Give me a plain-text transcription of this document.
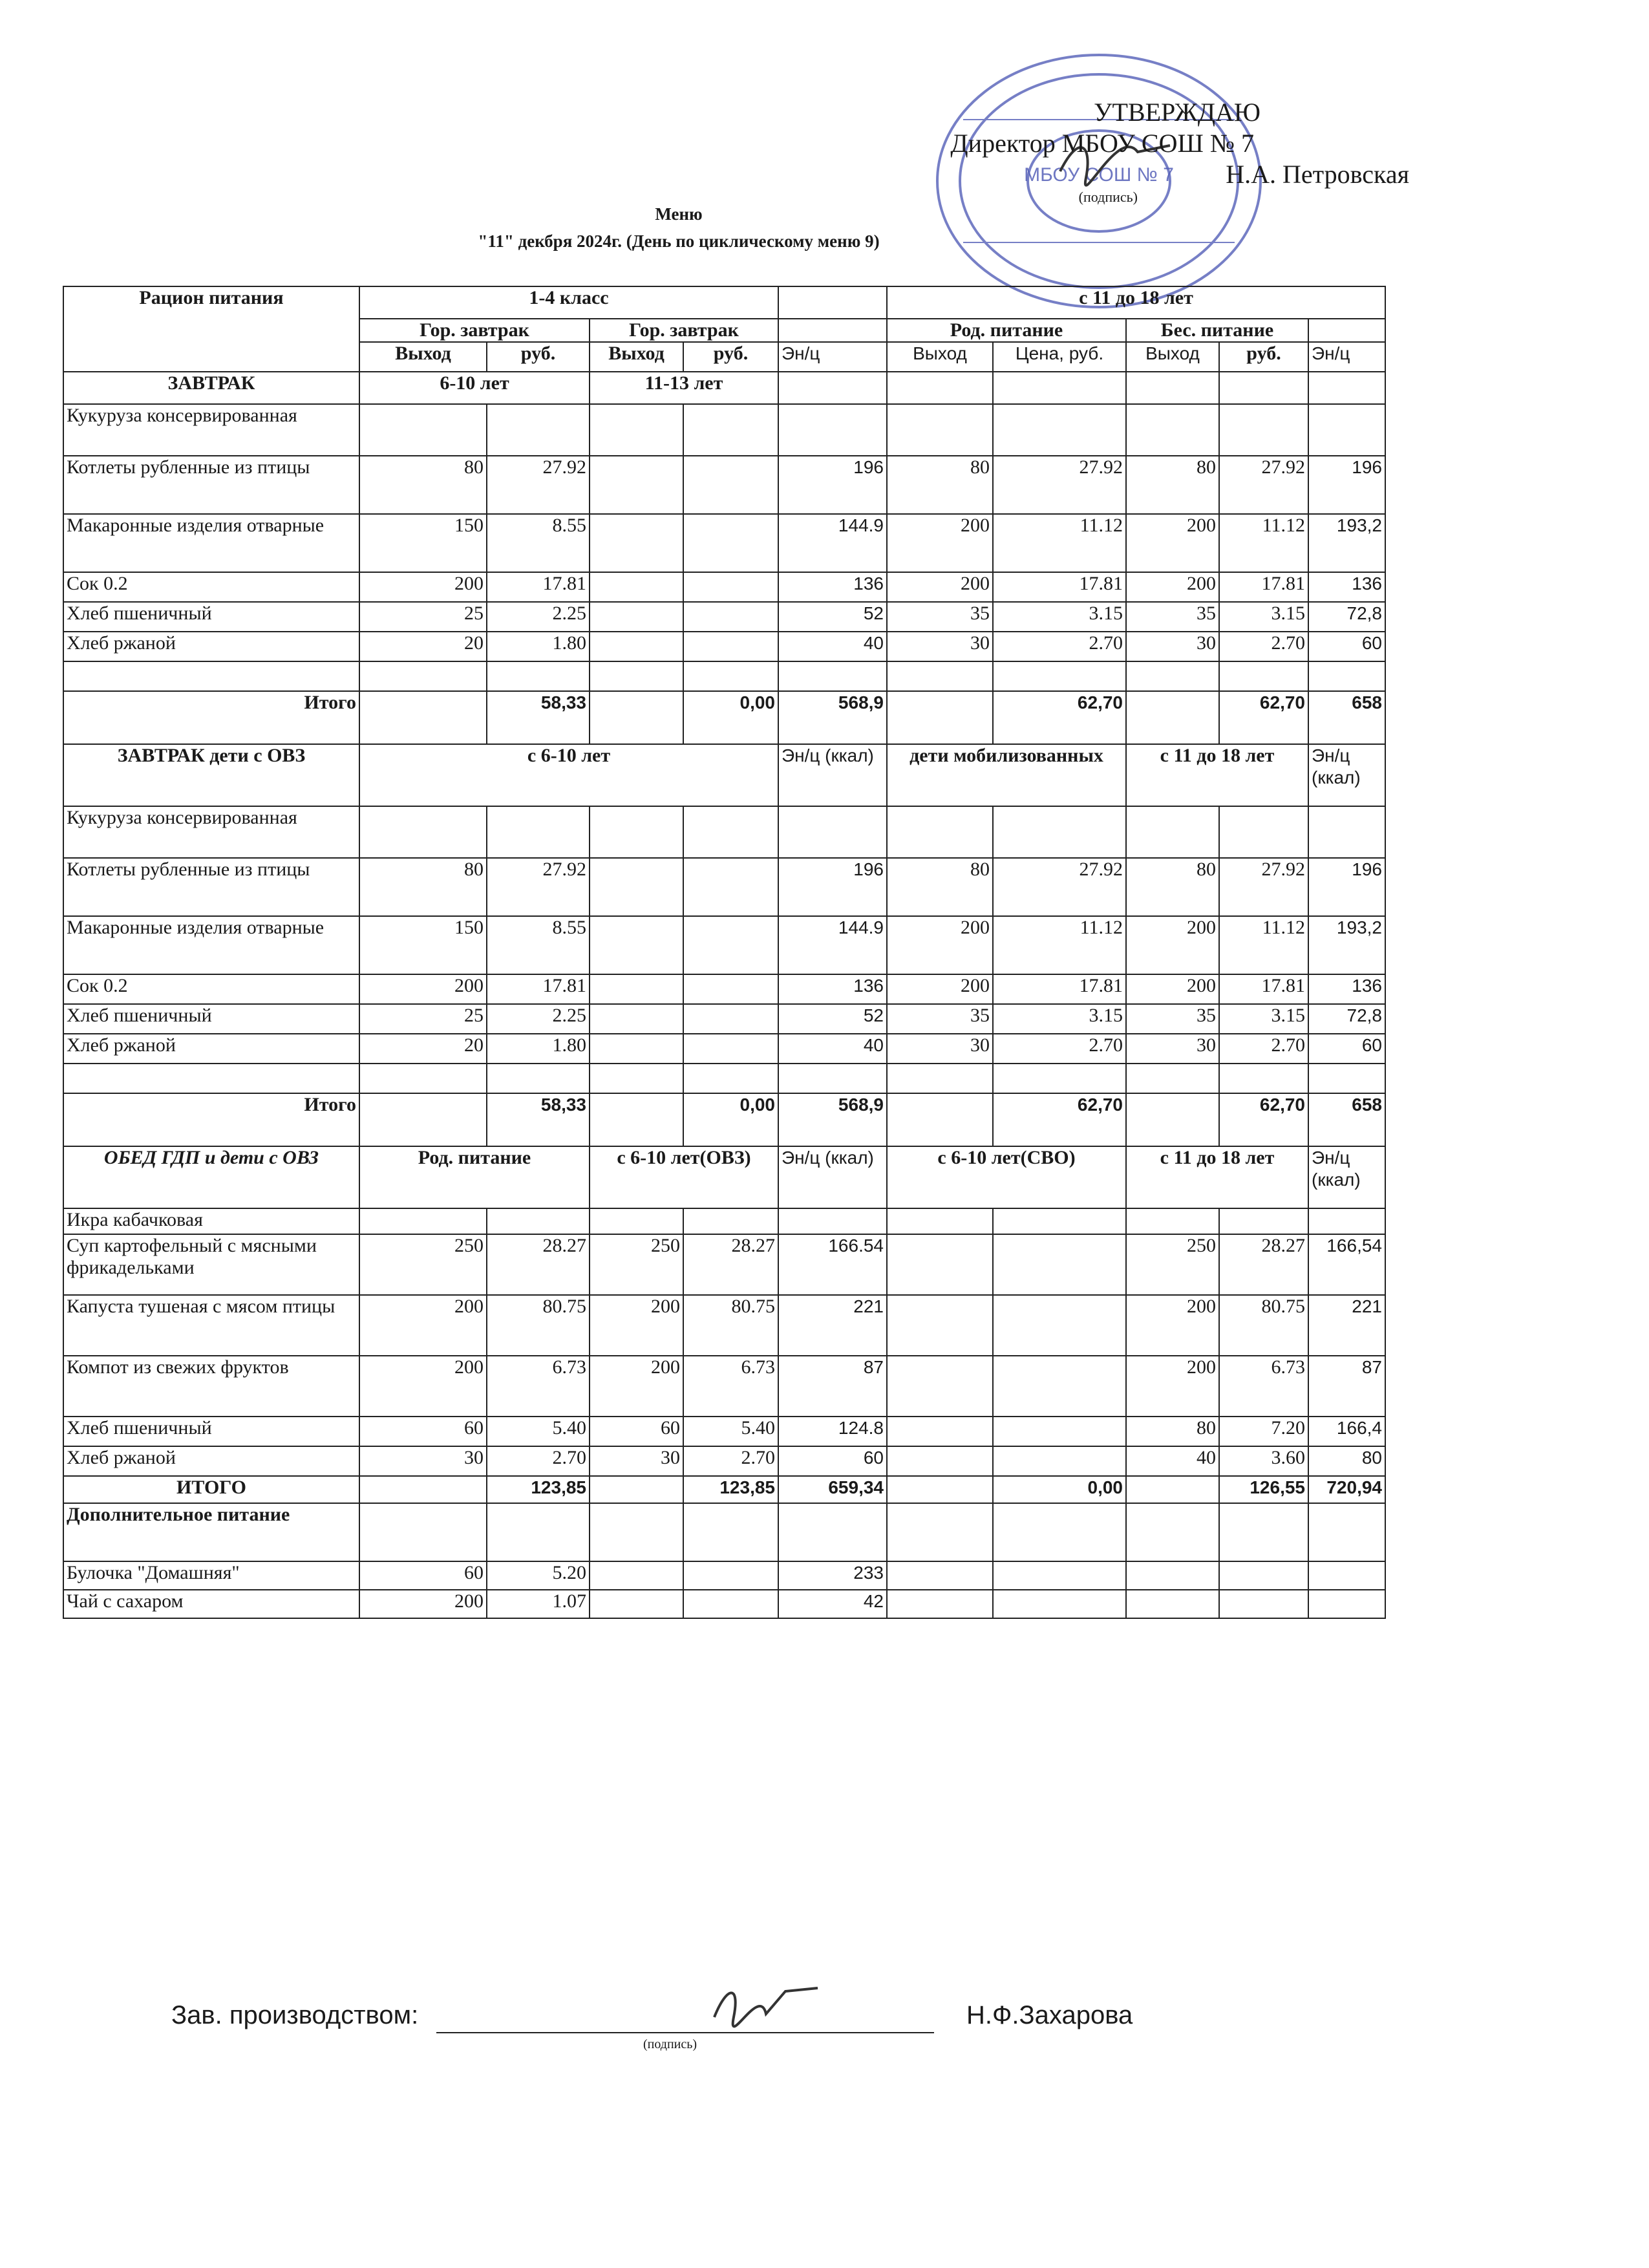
МБОУ СОШ № 7
УТВЕРЖДАЮ
Директор МБОУ СОШ № 7
Н.А. Петровская
(подпись)
Меню
"11" декбря 2024г. (День по циклическому меню 9)
Рацион питания	1-4 класс					с 11 до 18 лет				
	Гор. завтрак		Гор. завтрак			Род. питание		Бес. питание		
	Выход	руб.	Выход	руб.	Эн/ц	Выход	Цена, руб.	Выход	руб.	Эн/ц
ЗАВТРАК	6-10 лет		11-13 лет							
Кукуруза консервированная										
Котлеты рубленные из птицы	80	27.92			196	80	27.92	80	27.92	196
Макаронные изделия отварные	150	8.55			144.9	200	11.12	200	11.12	193,2
Сок 0.2	200	17.81			136	200	17.81	200	17.81	136
Хлеб пшеничный	25	2.25			52	35	3.15	35	3.15	72,8
Хлеб ржаной	20	1.80			40	30	2.70	30	2.70	60

Итого		58,33		0,00	568,9		62,70		62,70	658
ЗАВТРАК дети с ОВЗ	с 6-10 лет				Эн/ц (ккал)	дети мобилизованных		с 11 до 18 лет		Эн/ц (ккал)
Кукуруза консервированная										
Котлеты рубленные из птицы	80	27.92			196	80	27.92	80	27.92	196
Макаронные изделия отварные	150	8.55			144.9	200	11.12	200	11.12	193,2
Сок 0.2	200	17.81			136	200	17.81	200	17.81	136
Хлеб пшеничный	25	2.25			52	35	3.15	35	3.15	72,8
Хлеб ржаной	20	1.80			40	30	2.70	30	2.70	60

Итого		58,33		0,00	568,9		62,70		62,70	658
ОБЕД ГДП и дети с ОВЗ	Род. питание		с 6-10 лет(ОВЗ)		Эн/ц (ккал)	с 6-10 лет(СВО)		с 11 до 18 лет		Эн/ц (ккал)
Икра кабачковая										
Суп картофельный с мясными фрикадельками	250	28.27	250	28.27	166.54			250	28.27	166,54
Капуста тушеная с мясом птицы	200	80.75	200	80.75	221			200	80.75	221
Компот из свежих фруктов	200	6.73	200	6.73	87			200	6.73	87
Хлеб пшеничный	60	5.40	60	5.40	124.8			80	7.20	166,4
Хлеб ржаной	30	2.70	30	2.70	60			40	3.60	80
ИТОГО		123,85		123,85	659,34		0,00		126,55	720,94
Дополнительное питание										
Булочка "Домашняя"	60	5.20			233					
Чай с сахаром	200	1.07			42					
Зав. производством:
(подпись)
Н.Ф.Захарова
